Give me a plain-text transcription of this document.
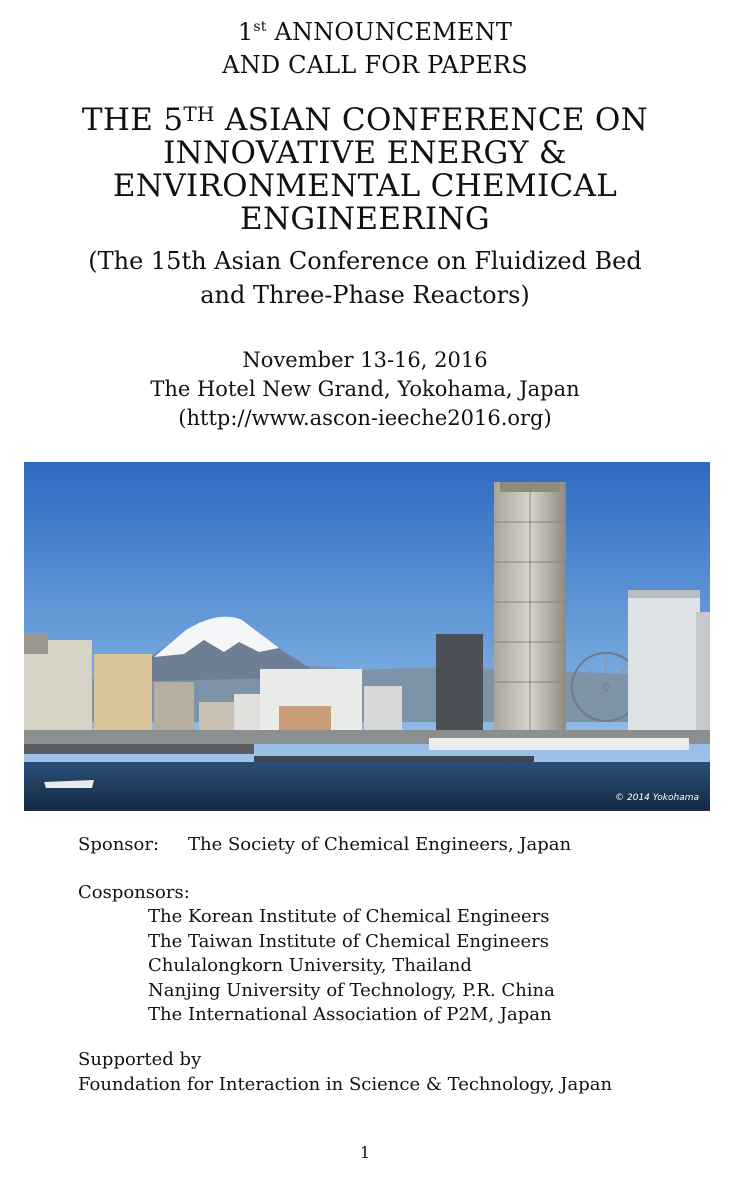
1st ANNOUNCEMENT
AND CALL FOR PAPERS
THE 5TH ASIAN CONFERENCE ON
INNOVATIVE ENERGY &
ENVIRONMENTAL CHEMICAL
ENGINEERING
(The 15th Asian Conference on Fluidized Bed
and Three-Phase Reactors)
November 13-16, 2016
The Hotel New Grand, Yokohama, Japan
(http://www.ascon-ieeche2016.org)
© 2014 Yokohama
Sponsor: The Society of Chemical Engineers, Japan
Cosponsors:
The Korean Institute of Chemical Engineers
The Taiwan Institute of Chemical Engineers
Chulalongkorn University, Thailand
Nanjing University of Technology, P.R. China
The International Association of P2M, Japan
Supported by
Foundation for Interaction in Science & Technology, Japan
1
